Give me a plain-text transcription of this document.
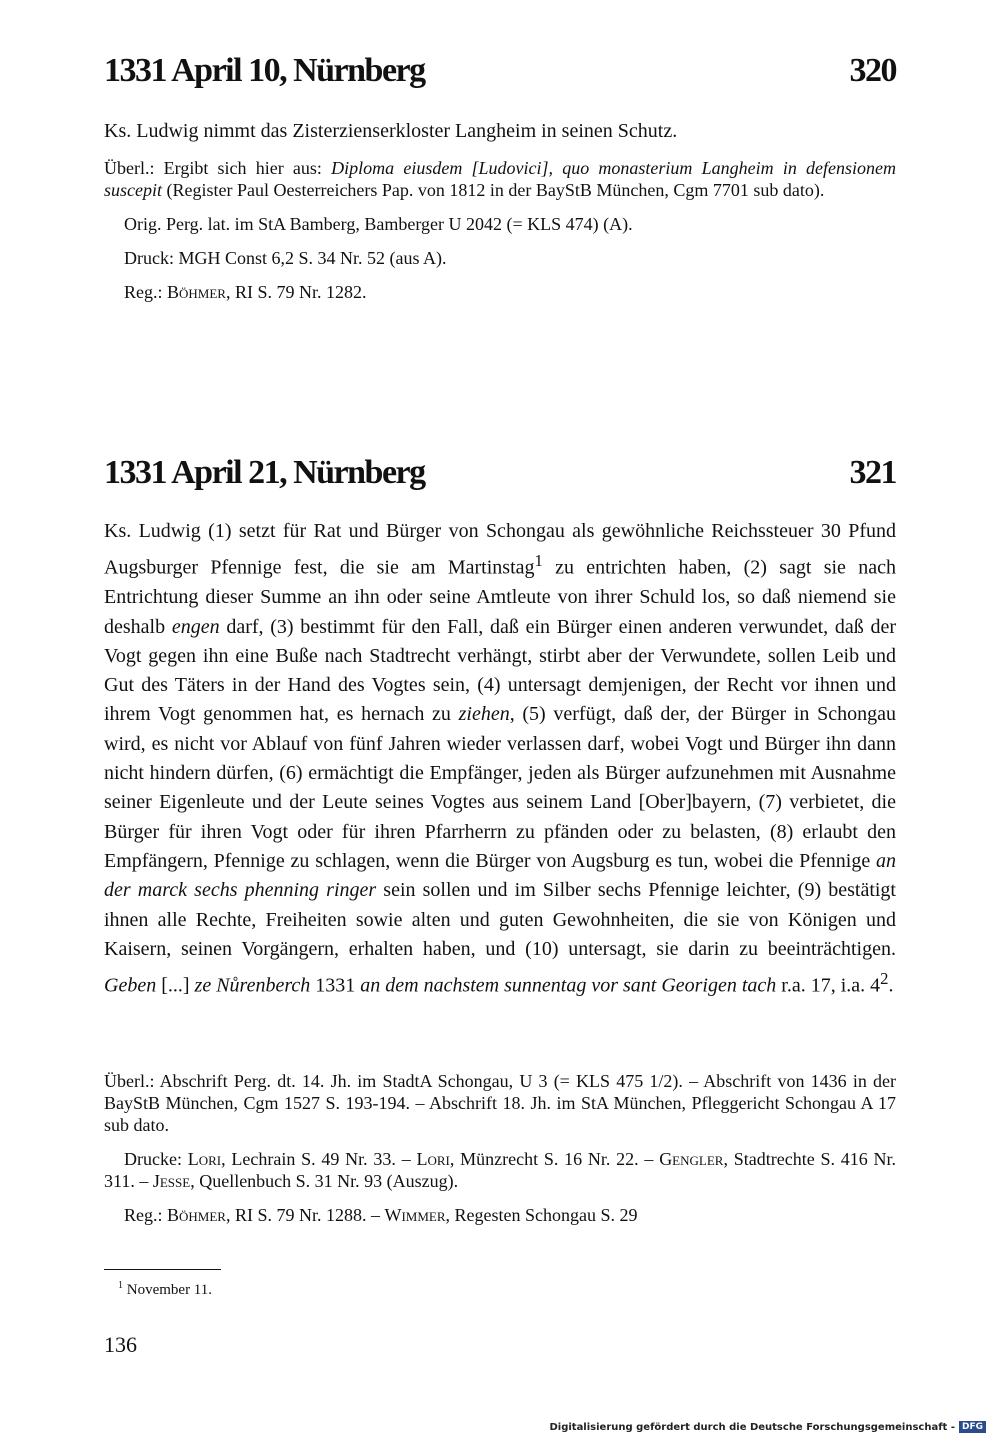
1331 April 10, Nürnberg	320
Ks. Ludwig nimmt das Zisterzienserkloster Langheim in seinen Schutz.

Überl.: Ergibt sich hier aus: Diploma eiusdem [Ludovici], quo monasterium Langheim in defensionem suscepit (Register Paul Oesterreichers Pap. von 1812 in der BayStB München, Cgm 7701 sub dato).

Orig. Perg. lat. im StA Bamberg, Bamberger U 2042 (= KLS 474) (A).

Druck: MGH Const 6,2 S. 34 Nr. 52 (aus A).

Reg.: Böhmer, RI S. 79 Nr. 1282.

1331 April 21, Nürnberg	321
Ks. Ludwig (1) setzt für Rat und Bürger von Schongau als gewöhnliche Reichssteuer 30 Pfund Augsburger Pfennige fest, die sie am Martinstag$^1$ zu entrichten haben, (2) sagt sie nach Entrichtung dieser Summe an ihn oder seine Amtleute von ihrer Schuld los, so daß niemend sie deshalb engen darf, (3) bestimmt für den Fall, daß ein Bürger einen anderen verwundet, daß der Vogt gegen ihn eine Buße nach Stadtrecht verhängt, stirbt aber der Verwundete, sollen Leib und Gut des Täters in der Hand des Vogtes sein, (4) untersagt demjenigen, der Recht vor ihnen und ihrem Vogt genommen hat, es hernach zu ziehen, (5) verfügt, daß der, der Bürger in Schongau wird, es nicht vor Ablauf von fünf Jahren wieder verlassen darf, wobei Vogt und Bürger ihn dann nicht hindern dürfen, (6) ermächtigt die Empfänger, jeden als Bürger aufzunehmen mit Ausnahme seiner Eigenleute und der Leute seines Vogtes aus seinem Land [Ober]bayern, (7) verbietet, die Bürger für ihren Vogt oder für ihren Pfarrherrn zu pfänden oder zu belasten, (8) erlaubt den Empfängern, Pfennige zu schlagen, wenn die Bürger von Augsburg es tun, wobei die Pfennige an der marck sechs phenning ringer sein sollen und im Silber sechs Pfennige leichter, (9) bestätigt ihnen alle Rechte, Freiheiten sowie alten und guten Gewohnheiten, die sie von Königen und Kaisern, seinen Vorgängern, erhalten haben, und (10) untersagt, sie darin zu beeinträchtigen. Geben [...] ze Nůrenberch 1331 an dem nachstem sunnentag vor sant Georigen tach r.a. 17, i.a. $4^2$.

Überl.: Abschrift Perg. dt. 14. Jh. im StadtA Schongau, U 3 (= KLS 475 1/2). – Abschrift von 1436 in der BayStB München, Cgm 1527 S. 193-194. – Abschrift 18. Jh. im StA München, Pfleggericht Schongau A 17 sub dato.

Drucke: Lori, Lechrain S. 49 Nr. 33. – Lori, Münzrecht S. 16 Nr. 22. – Gengler, Stadtrechte S. 416 Nr. 311. – Jesse, Quellenbuch S. 31 Nr. 93 (Auszug).

Reg.: Böhmer, RI S. 79 Nr. 1288. – Wimmer, Regesten Schongau S. 29

$^1$ November 11.
136
Digitalisierung gefördert durch die Deutsche Forschungsgemeinschaft - DFG
